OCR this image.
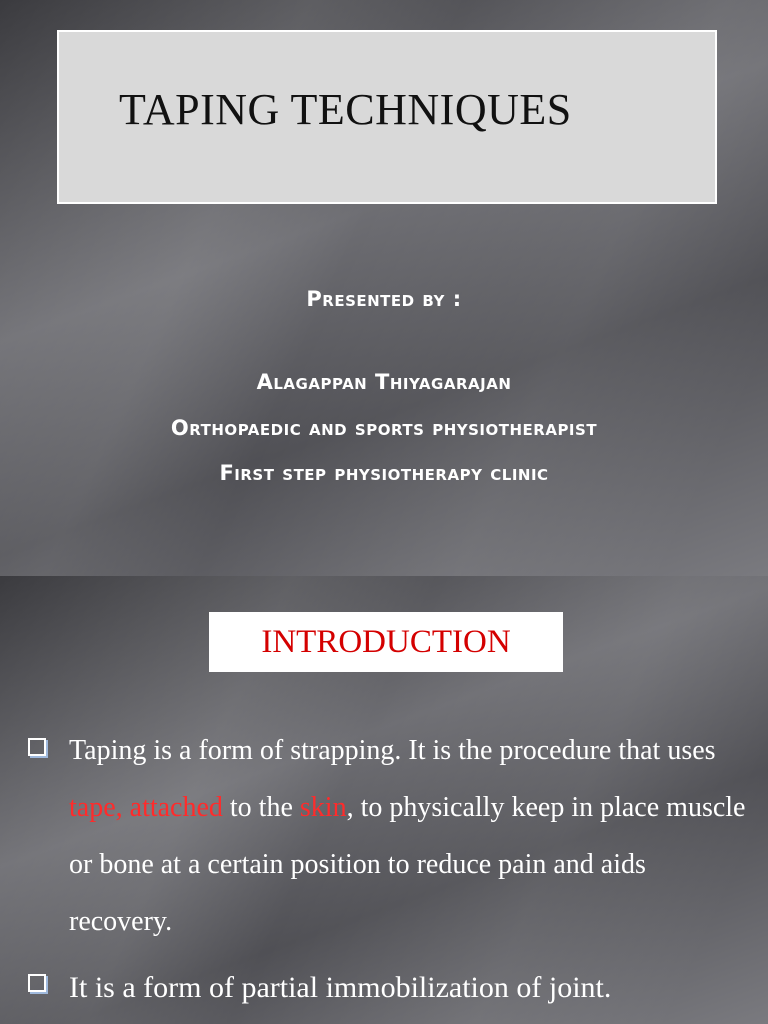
TAPING TECHNIQUES
Presented by :
Alagappan Thiyagarajan
Orthopaedic and sports physiotherapist
First step physiotherapy clinic
INTRODUCTION
Taping is a form of strapping. It is the procedure that uses tape, attached to the skin, to physically keep in place muscle or bone at a certain position to reduce pain and aids recovery.
It is a form of partial immobilization of joint.
